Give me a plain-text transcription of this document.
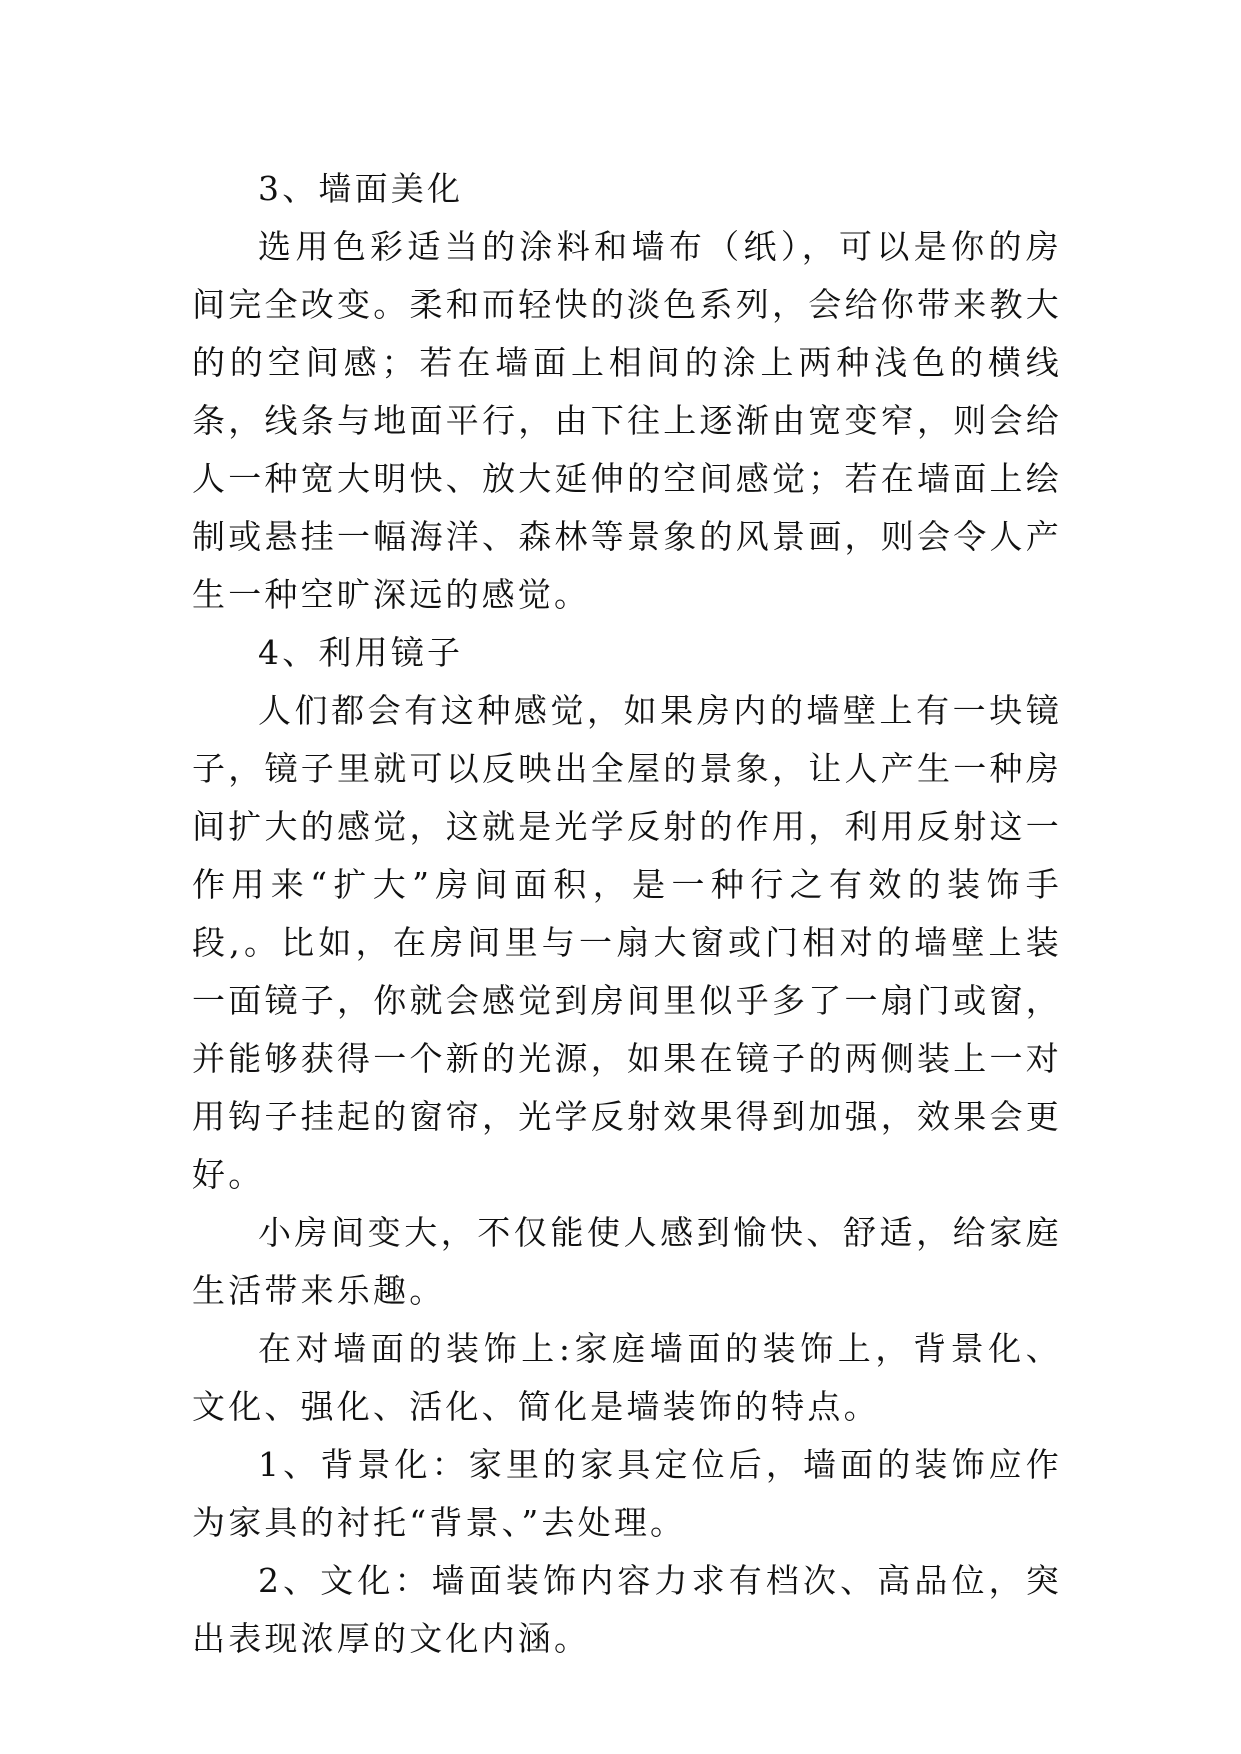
3、墙面美化

选用色彩适当的涂料和墙布（纸），可以是你的房间完全改变。柔和而轻快的淡色系列，会给你带来教大的的空间感；若在墙面上相间的涂上两种浅色的横线条，线条与地面平行，由下往上逐渐由宽变窄，则会给人一种宽大明快、放大延伸的空间感觉；若在墙面上绘制或悬挂一幅海洋、森林等景象的风景画，则会令人产生一种空旷深远的感觉。

4、利用镜子

人们都会有这种感觉，如果房内的墙壁上有一块镜子，镜子里就可以反映出全屋的景象，让人产生一种房间扩大的感觉，这就是光学反射的作用，利用反射这一作用来“扩大”房间面积，是一种行之有效的装饰手段,。比如，在房间里与一扇大窗或门相对的墙壁上装一面镜子，你就会感觉到房间里似乎多了一扇门或窗，并能够获得一个新的光源，如果在镜子的两侧装上一对用钩子挂起的窗帘，光学反射效果得到加强，效果会更好。

小房间变大，不仅能使人感到愉快、舒适，给家庭生活带来乐趣。

在对墙面的装饰上:家庭墙面的装饰上，背景化、文化、强化、活化、简化是墙装饰的特点。

1、背景化：家里的家具定位后，墙面的装饰应作为家具的衬托“背景、”去处理。

2、文化：墙面装饰内容力求有档次、高品位，突出表现浓厚的文化内涵。
